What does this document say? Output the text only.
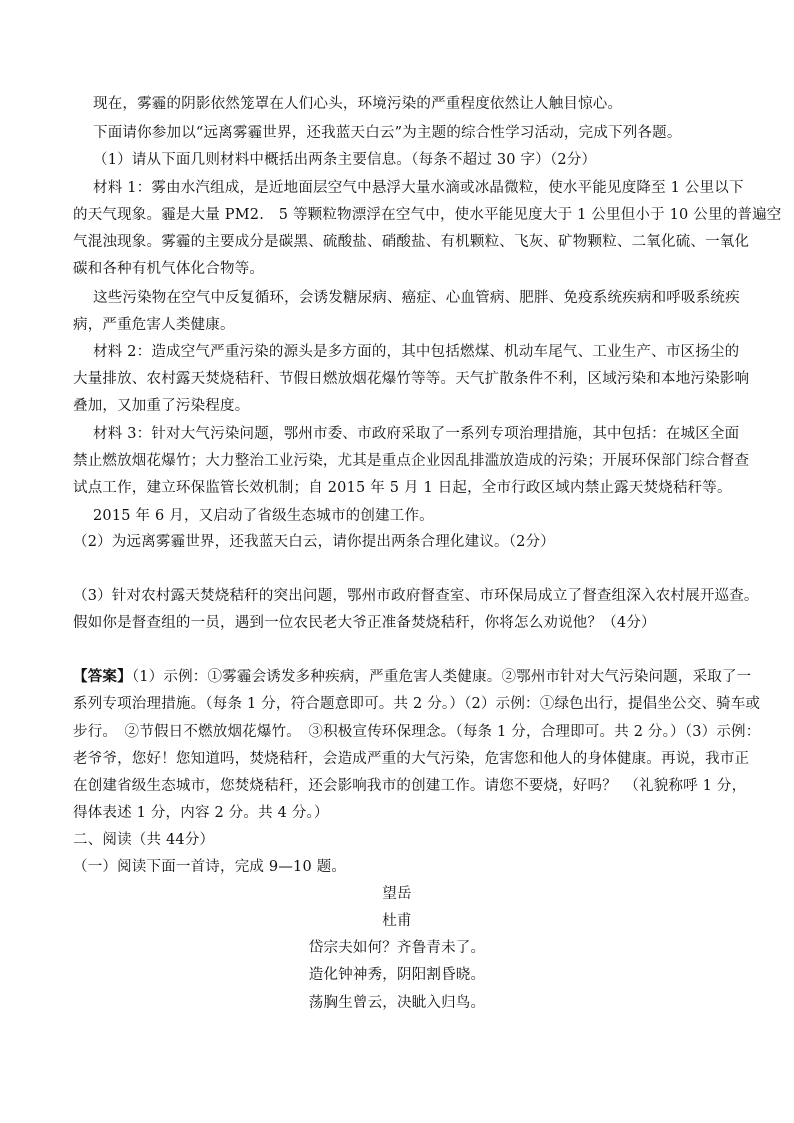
现在，雾霾的阴影依然笼罩在人们心头，环境污染的严重程度依然让人触目惊心。
下面请你参加以“远离雾霾世界，还我蓝天白云”为主题的综合性学习活动，完成下列各题。
（1）请从下面几则材料中概括出两条主要信息。（每条不超过 30 字）（2分）
材料 1：雾由水汽组成，是近地面层空气中悬浮大量水滴或冰晶微粒，使水平能见度降至 1 公里以下
的天气现象。霾是大量 PM2.　5 等颗粒物漂浮在空气中，使水平能见度大于 1 公里但小于 10 公里的普遍空
气混浊现象。雾霾的主要成分是碳黑、硫酸盐、硝酸盐、有机颗粒、飞灰、矿物颗粒、二氧化硫、一氧化
碳和各种有机气体化合物等。
这些污染物在空气中反复循环，会诱发糖尿病、癌症、心血管病、肥胖、免疫系统疾病和呼吸系统疾
病，严重危害人类健康。
材料 2：造成空气严重污染的源头是多方面的，其中包括燃煤、机动车尾气、工业生产、市区扬尘的
大量排放、农村露天焚烧秸秆、节假日燃放烟花爆竹等等。天气扩散条件不利，区域污染和本地污染影响
叠加，又加重了污染程度。
材料 3：针对大气污染问题，鄂州市委、市政府采取了一系列专项治理措施，其中包括：在城区全面
禁止燃放烟花爆竹；大力整治工业污染，尤其是重点企业因乱排滥放造成的污染；开展环保部门综合督查
试点工作，建立环保监管长效机制；自 2015 年 5 月 1 日起，全市行政区域内禁止露天焚烧秸秆等。
2015 年 6 月，又启动了省级生态城市的创建工作。
（2）为远离雾霾世界，还我蓝天白云，请你提出两条合理化建议。（2分）
（3）针对农村露天焚烧秸秆的突出问题，鄂州市政府督查室、市环保局成立了督查组深入农村展开巡查。
假如你是督查组的一员，遇到一位农民老大爷正准备焚烧秸秆，你将怎么劝说他？（4分）
【答案】（1）示例：①雾霾会诱发多种疾病，严重危害人类健康。②鄂州市针对大气污染问题，采取了一
系列专项治理措施。（每条 1 分，符合题意即可。共 2 分。）（2）示例：①绿色出行，提倡坐公交、骑车或
步行。　②节假日不燃放烟花爆竹。　③积极宣传环保理念。（每条 1 分，合理即可。共 2 分。）（3）示例：
老爷爷，您好！您知道吗，焚烧秸秆，会造成严重的大气污染，危害您和他人的身体健康。再说，我市正
在创建省级生态城市，您焚烧秸秆，还会影响我市的创建工作。请您不要烧，好吗？　（礼貌称呼 1 分，
得体表述 1 分，内容 2 分。共 4 分。）
二、阅读（共 44分）
（一）阅读下面一首诗，完成 9—10 题。
望岳
杜甫
岱宗夫如何？齐鲁青未了。
造化钟神秀，阴阳割昏晓。
荡胸生曾云，决眦入归鸟。
